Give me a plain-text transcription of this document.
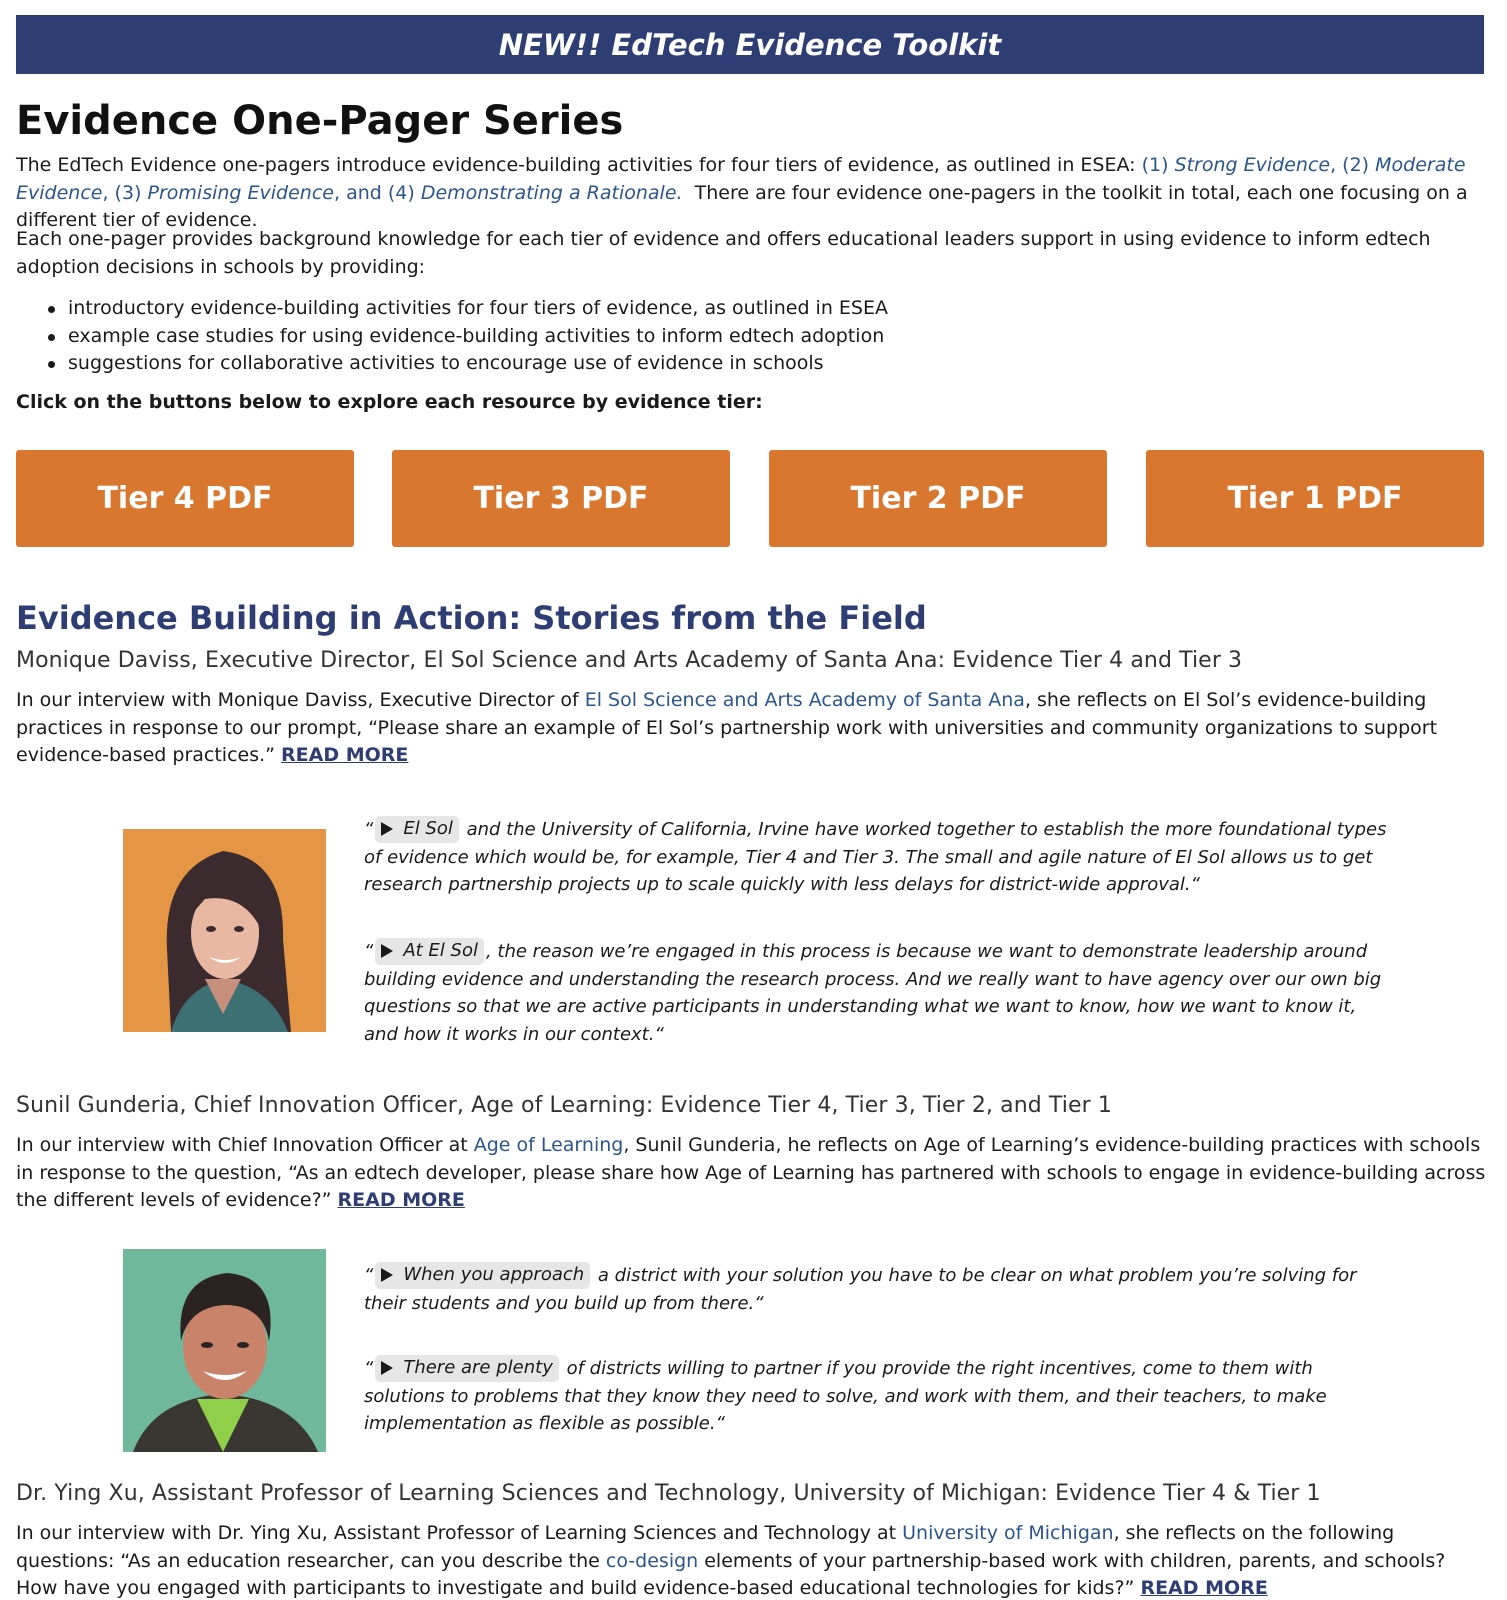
NEW!! EdTech Evidence Toolkit
Evidence One-Pager Series

The EdTech Evidence one-pagers introduce evidence-building activities for four tiers of evidence, as outlined in ESEA: (1) Strong Evidence, (2) Moderate Evidence, (3) Promising Evidence, and (4) Demonstrating a Rationale.  There are four evidence one-pagers in the toolkit in total, each one focusing on a different tier of evidence.

Each one-pager provides background knowledge for each tier of evidence and offers educational leaders support in using evidence to inform edtech adoption decisions in schools by providing:

introductory evidence-building activities for four tiers of evidence, as outlined in ESEA
example case studies for using evidence-building activities to inform edtech adoption
suggestions for collaborative activities to encourage use of evidence in schools
Click on the buttons below to explore each resource by evidence tier:
Tier 4 PDF	Tier 3 PDF	Tier 2 PDF	Tier 1 PDF
Evidence Building in Action: Stories from the Field
Monique Daviss, Executive Director, El Sol Science and Arts Academy of Santa Ana: Evidence Tier 4 and Tier 3

In our interview with Monique Daviss, Executive Director of El Sol Science and Arts Academy of Santa Ana, she reflects on El Sol’s evidence-building practices in response to our prompt, “Please share an example of El Sol’s partnership work with universities and community organizations to support evidence-based practices.” READ MORE

“ El Sol and the University of California, Irvine have worked together to establish the more foundational types of evidence which would be, for example, Tier 4 and Tier 3. The small and agile nature of El Sol allows us to get research partnership projects up to scale quickly with less delays for district-wide approval.“
“ At El Sol , the reason we’re engaged in this process is because we want to demonstrate leadership around building evidence and understanding the research process. And we really want to have agency over our own big questions so that we are active participants in understanding what we want to know, how we want to know it, and how it works in our context.“
Sunil Gunderia, Chief Innovation Officer, Age of Learning: Evidence Tier 4, Tier 3, Tier 2, and Tier 1

In our interview with Chief Innovation Officer at Age of Learning, Sunil Gunderia, he reflects on Age of Learning’s evidence-building practices with schools in response to the question, “As an edtech developer, please share how Age of Learning has partnered with schools to engage in evidence-building across the different levels of evidence?” READ MORE

“ When you approach a district with your solution you have to be clear on what problem you’re solving for their students and you build up from there.“
“ There are plenty of districts willing to partner if you provide the right incentives, come to them with solutions to problems that they know they need to solve, and work with them, and their teachers, to make implementation as flexible as possible.“
Dr. Ying Xu, Assistant Professor of Learning Sciences and Technology, University of Michigan: Evidence Tier 4 & Tier 1

In our interview with Dr. Ying Xu, Assistant Professor of Learning Sciences and Technology at University of Michigan, she reflects on the following questions: “As an education researcher, can you describe the co-design elements of your partnership-based work with children, parents, and schools? How have you engaged with participants to investigate and build evidence-based educational technologies for kids?” READ MORE
